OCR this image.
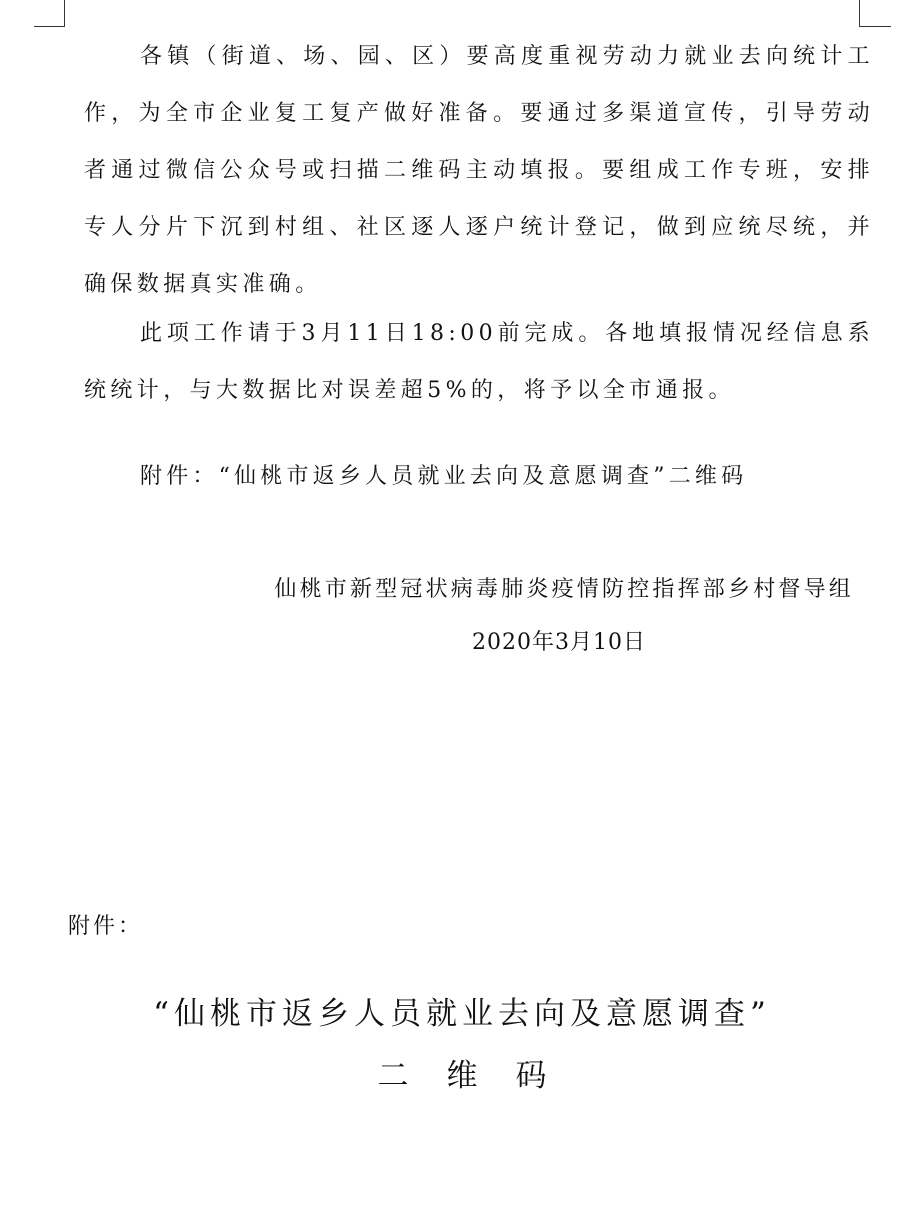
各镇（街道、场、园、区）要高度重视劳动力就业去向统计工作，为全市企业复工复产做好准备。要通过多渠道宣传，引导劳动者通过微信公众号或扫描二维码主动填报。要组成工作专班，安排专人分片下沉到村组、社区逐人逐户统计登记，做到应统尽统，并确保数据真实准确。

此项工作请于3月11日18:00前完成。各地填报情况经信息系统统计，与大数据比对误差超5%的，将予以全市通报。

附件：“仙桃市返乡人员就业去向及意愿调查”二维码

仙桃市新型冠状病毒肺炎疫情防控指挥部乡村督导组

2020年3月10日

附件：

“仙桃市返乡人员就业去向及意愿调查”

二维码
